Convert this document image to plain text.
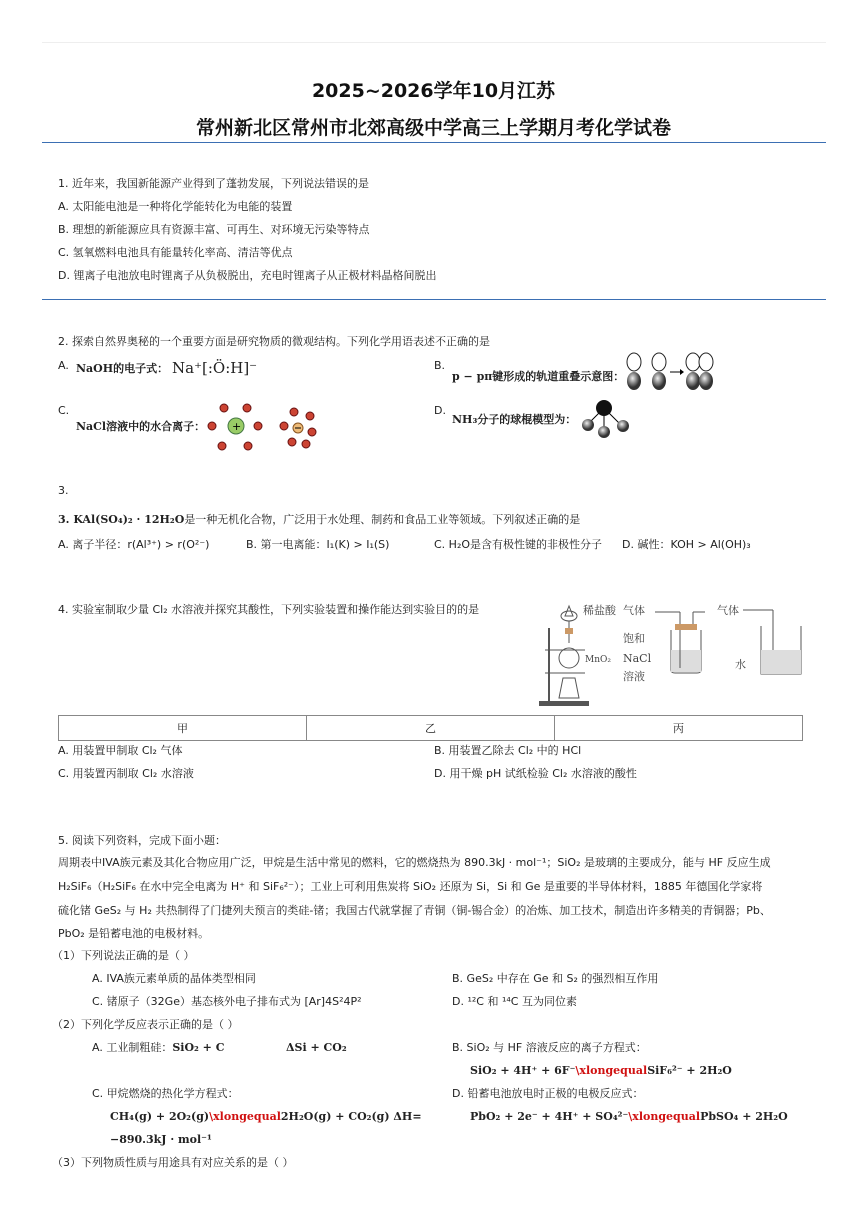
2025~2026学年10月江苏
常州新北区常州市北郊高级中学高三上学期月考化学试卷
1. 近年来，我国新能源产业得到了蓬勃发展，下列说法错误的是
A. 太阳能电池是一种将化学能转化为电能的装置
B. 理想的新能源应具有资源丰富、可再生、对环境无污染等特点
C. 氢氧燃料电池具有能量转化率高、清洁等优点
D. 锂离子电池放电时锂离子从负极脱出，充电时锂离子从正极材料晶格间脱出
2. 探索自然界奥秘的一个重要方面是研究物质的微观结构。下列化学用语表述不正确的是
A. NaOH的电子式： Na⁺[:Ö:H]⁻	B.
p − pπ键形成的轨道重叠示意图：
C.
NaCl溶液中的水合离子： +
D.
NH₃分子的球棍模型为：
3.
3. KAl(SO₄)₂ · 12H₂O是一种无机化合物，广泛用于水处理、制药和食品工业等领域。下列叙述正确的是
A. 离子半径：r(Al³⁺) > r(O²⁻)	B. 第一电离能：I₁(K) > I₁(S)	C. H₂O是含有极性键的非极性分子 D. 碱性：KOH > Al(OH)₃
4. 实验室制取少量 Cl₂ 水溶液并探究其酸性，下列实验装置和操作能达到实验目的的是	稀盐酸
MnO₂
气体
饱和
NaCl
溶液
气体
水
甲	乙	丙
A. 用装置甲制取 Cl₂ 气体	B. 用装置乙除去 Cl₂ 中的 HCl
C. 用装置丙制取 Cl₂ 水溶液	D. 用干燥 pH 试纸检验 Cl₂ 水溶液的酸性
5. 阅读下列资料，完成下面小题：
周期表中IVA族元素及其化合物应用广泛，甲烷是生活中常见的燃料，它的燃烧热为 890.3kJ · mol⁻¹；SiO₂ 是玻璃的主要成分，能与 HF 反应生成
H₂SiF₆（H₂SiF₆ 在水中完全电离为 H⁺ 和 SiF₆²⁻）；工业上可利用焦炭将 SiO₂ 还原为 Si，Si 和 Ge 是重要的半导体材料，1885 年德国化学家将
硫化锗 GeS₂ 与 H₂ 共热制得了门捷列夫预言的类硅-锗；我国古代就掌握了青铜（铜-锡合金）的冶炼、加工技术，制造出许多精美的青铜器；Pb、
PbO₂ 是铅蓄电池的电极材料。
（1）下列说法正确的是（ ）
A. IVA族元素单质的晶体类型相同	B. GeS₂ 中存在 Ge 和 S₂ 的强烈相互作用
C. 锗原子（32Ge）基态核外电子排布式为 [Ar]4S²4P²	D. ¹²C 和 ¹⁴C 互为同位素
（2）下列化学反应表示正确的是（ ）
A. 工业制粗硅：SiO₂ + C	ΔSi + CO₂	B. SiO₂ 与 HF 溶液反应的离子方程式：
SiO₂ + 4H⁺ + 6F⁻\xlongequalSiF₆²⁻ + 2H₂O
C. 甲烷燃烧的热化学方程式：
CH₄(g) + 2O₂(g)\xlongequal2H₂O(g) + CO₂(g) ΔH=
−890.3kJ · mol⁻¹
D. 铅蓄电池放电时正极的电极反应式：
PbO₂ + 2e⁻ + 4H⁺ + SO₄²⁻\xlongequalPbSO₄ + 2H₂O
（3）下列物质性质与用途具有对应关系的是（ ）
